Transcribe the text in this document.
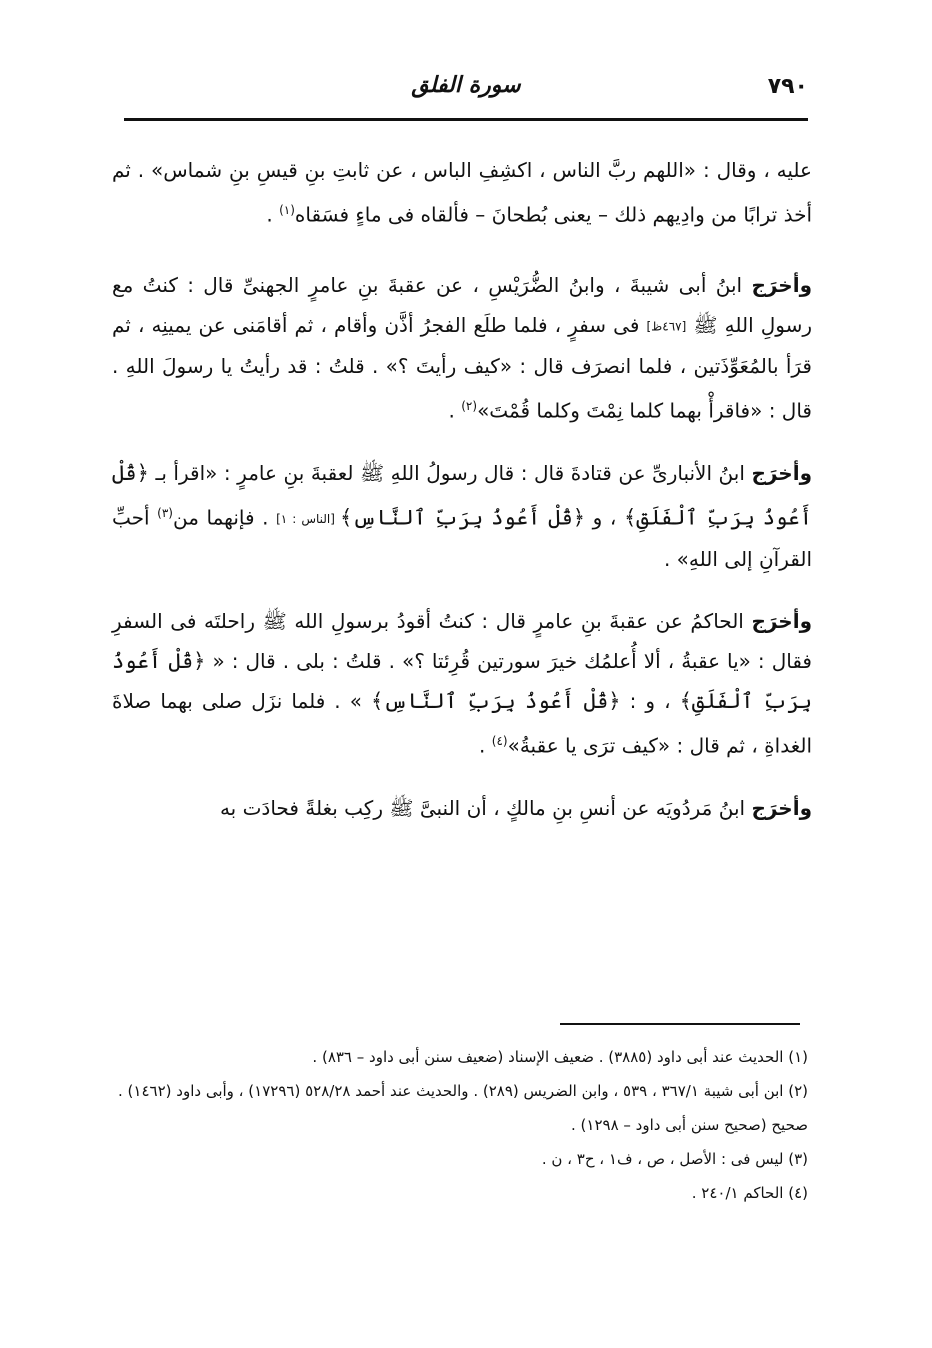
٧٩٠
سورة الفلق

عليه ، وقال : «اللهم ربَّ الناس ، اكشِفِ الباس ، عن ثابتِ بنِ قيسِ بنِ شماس» . ثم أخذ ترابًا من وادِيهم ذلك – يعنى بُطحانَ – فألقاه فى ماءٍ فسَقاه$^{(١)}$ .

وأخرَج ابنُ أبى شيبةَ ، وابنُ الضُّرَيْسِ ، عن عقبةَ بنِ عامرٍ الجهنىِّ قال : كنتُ مع رسولِ اللهِ ﷺ [٤٦٧ظ] فى سفرٍ ، فلما طلَع الفجرُ أذَّن وأقام ، ثم أقامَنى عن يمينِه ، ثم قرَأ بالمُعَوِّذَتين ، فلما انصرَف قال : «كيف رأيتَ ؟» . قلتُ : قد رأيتُ يا رسولَ اللهِ . قال : «فاقرأْ بهما كلما نِمْتَ وكلما قُمْتَ»$^{(٢)}$ .

وأخرَج ابنُ الأنبارىِّ عن قتادةَ قال : قال رسولُ اللهِ ﷺ لعقبةَ بنِ عامرٍ : «اقرأ بـ ﴿قُلْ أَعُوذُ بِرَبِّ ٱلْفَلَقِ﴾ ، و ﴿قُلْ أَعُوذُ بِرَبِّ ٱلنَّاسِ﴾ [الناس : ١] . فإنهما من$^{(٣)}$ أحبِّ القرآنِ إلى اللهِ» .

وأخرَج الحاكمُ عن عقبةَ بنِ عامرٍ قال : كنتُ أقودُ برسولِ الله ﷺ راحلتَه فى السفرِ فقال : «يا عقبةُ ، ألا أُعلمُك خيرَ سورتين قُرِئتا ؟» . قلتُ : بلى . قال : « ﴿قُلْ أَعُوذُ بِرَبِّ ٱلْفَلَقِ﴾ ، و : ﴿قُلْ أَعُوذُ بِرَبِّ ٱلنَّاسِ﴾ » . فلما نزَل صلى بهما صلاةَ الغداةِ ، ثم قال : «كيف ترَى يا عقبةُ»$^{(٤)}$ .

وأخرَج ابنُ مَردُويَه عن أنسِ بنِ مالكٍ ، أن النبىَّ ﷺ ركِب بغلةً فحادَت به

(١) الحديث عند أبى داود (٣٨٨٥) . ضعيف الإسناد (ضعيف سنن أبى داود – ٨٣٦) .

(٢) ابن أبى شيبة ٣٦٧/١ ، ٥٣٩ ، وابن الضريس (٢٨٩) . والحديث عند أحمد ٥٢٨/٢٨ (١٧٢٩٦) ، وأبى داود (١٤٦٢) . صحيح (صحيح سنن أبى داود – ١٢٩٨) .

(٣) ليس فى : الأصل ، ص ، ف١ ، ح٣ ، ن .

(٤) الحاكم ٢٤٠/١ .
